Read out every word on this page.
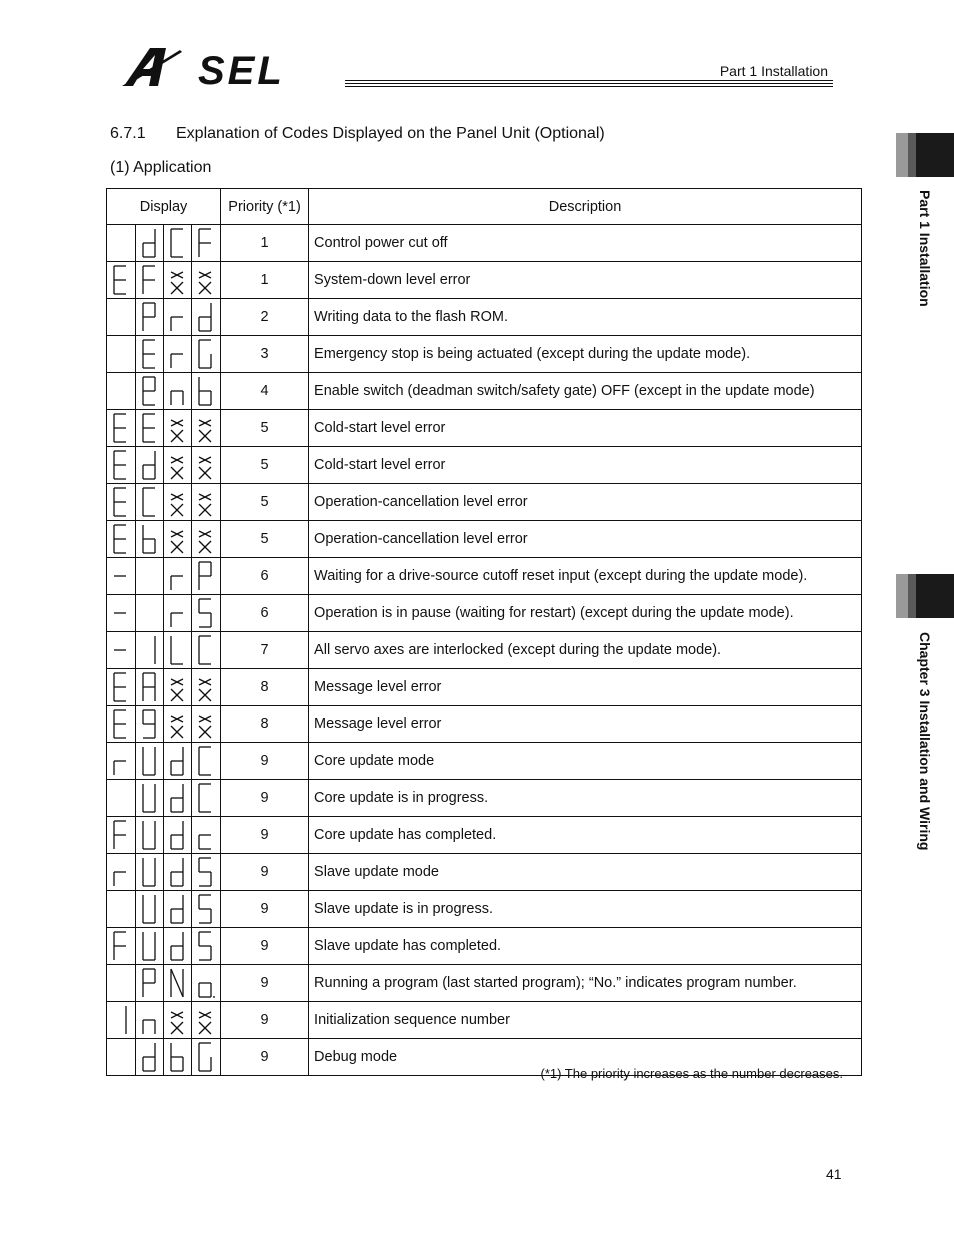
SEL	Part 1 Installation
6.7.1 Explanation of Codes Displayed on the Panel Unit (Optional)
(1) Application
Display				Priority (*1)	Description

	1	Control power cut off

	1	System-down level error

	2	Writing data to the flash ROM.

	3	Emergency stop is being actuated (except during the update mode).

	4	Enable switch (deadman switch/safety gate) OFF (except in the update mode)

	5	Cold-start level error

	5	Cold-start level error

	5	Operation-cancellation level error

	5	Operation-cancellation level error

	6	Waiting for a drive-source cutoff reset input (except during the update mode).

	6	Operation is in pause (waiting for restart) (except during the update mode).

	7	All servo axes are interlocked (except during the update mode).

	8	Message level error

	8	Message level error

	9	Core update mode

	9	Core update is in progress.

	9	Core update has completed.

	9	Slave update mode

	9	Slave update is in progress.

	9	Slave update has completed.

	9	Running a program (last started program); “No.” indicates program number.

	9	Initialization sequence number

	9	Debug mode
(*1) The priority increases as the number decreases.
41
Part 1 Installation
Chapter 3 Installation and Wiring
